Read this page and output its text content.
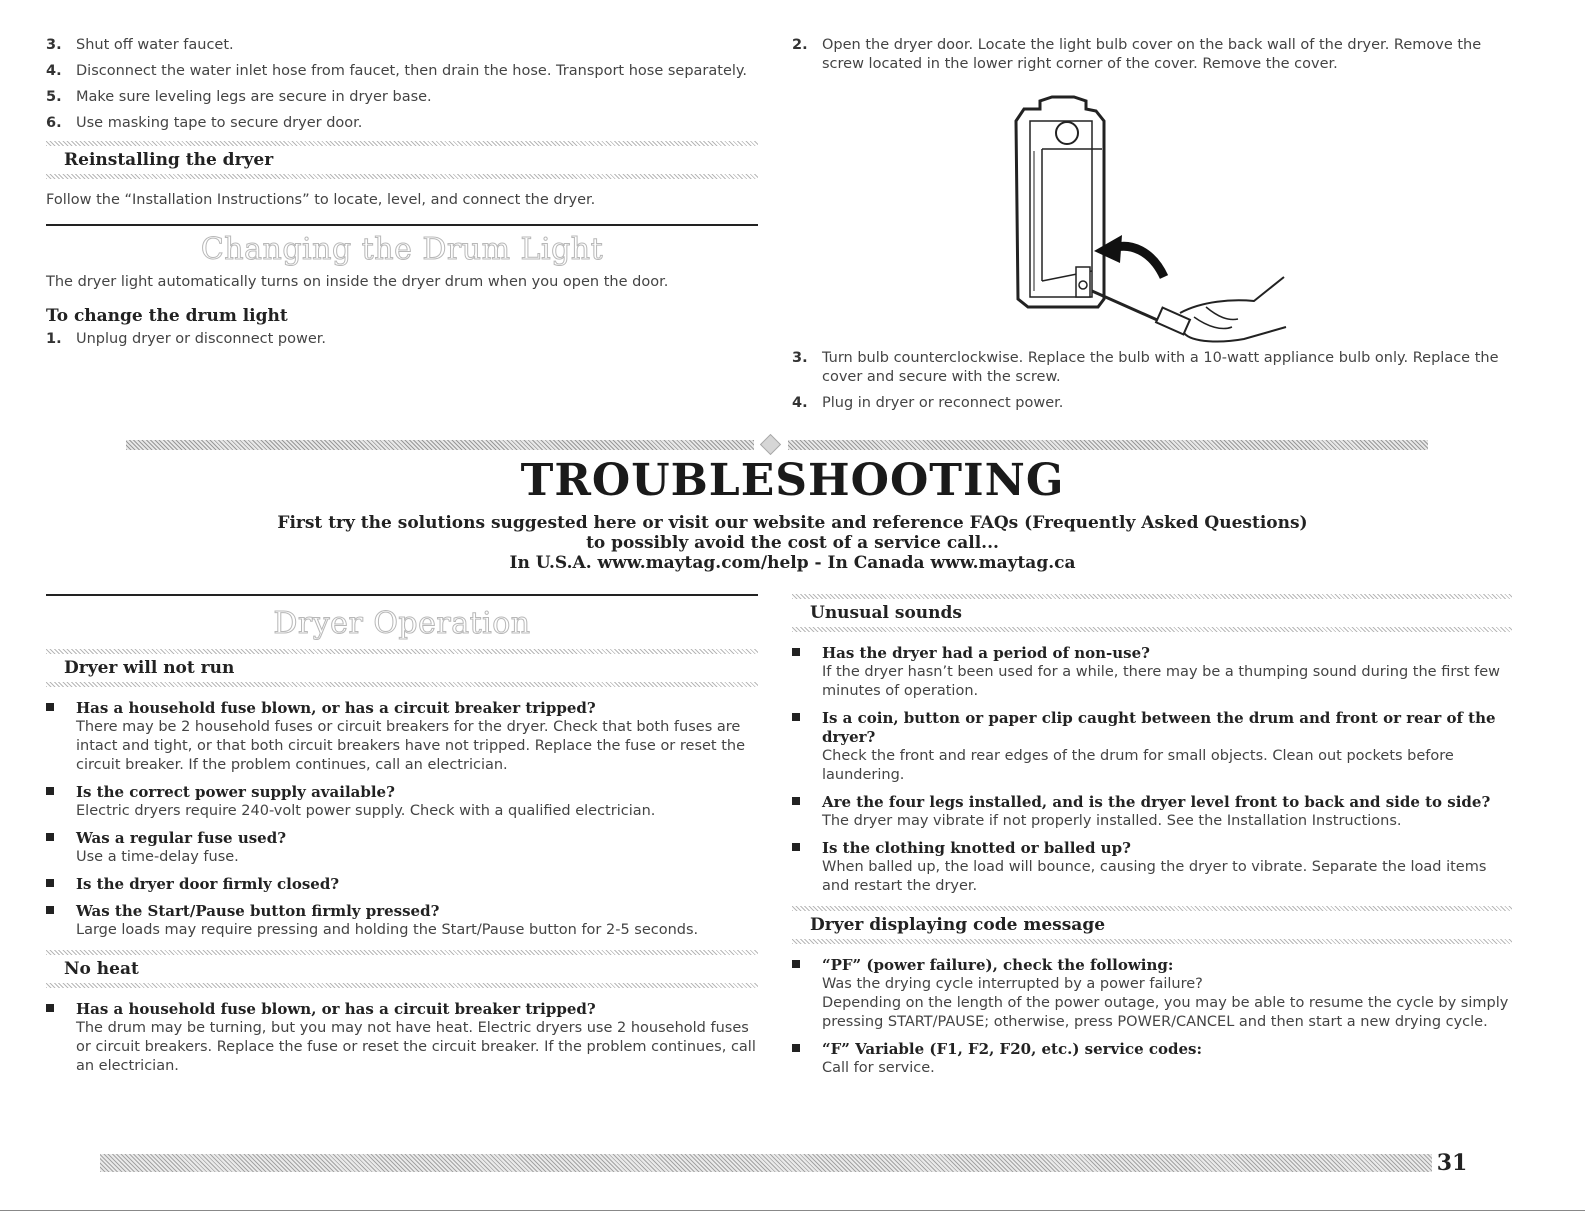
3. Shut off water faucet.
4. Disconnect the water inlet hose from faucet, then drain the hose. Transport hose separately.
5. Make sure leveling legs are secure in dryer base.
6. Use masking tape to secure dryer door.
Reinstalling the dryer
Follow the “Installation Instructions” to locate, level, and connect the dryer.
Changing the Drum Light
The dryer light automatically turns on inside the dryer drum when you open the door.
To change the drum light
1. Unplug dryer or disconnect power.
2. Open the dryer door. Locate the light bulb cover on the back wall of the dryer. Remove the screw located in the lower right corner of the cover. Remove the cover.
3. Turn bulb counterclockwise. Replace the bulb with a 10-watt appliance bulb only. Replace the cover and secure with the screw.
4. Plug in dryer or reconnect power.
TROUBLESHOOTING
First try the solutions suggested here or visit our website and reference FAQs (Frequently Asked Questions)
to possibly avoid the cost of a service call...
In U.S.A. www.maytag.com/help - In Canada www.maytag.ca
Dryer Operation
Dryer will not run
Has a household fuse blown, or has a circuit breaker tripped?
There may be 2 household fuses or circuit breakers for the dryer. Check that both fuses are intact and tight, or that both circuit breakers have not tripped. Replace the fuse or reset the circuit breaker. If the problem continues, call an electrician.
Is the correct power supply available?
Electric dryers require 240-volt power supply. Check with a qualified electrician.
Was a regular fuse used?
Use a time-delay fuse.
Is the dryer door firmly closed?
Was the Start/Pause button firmly pressed?
Large loads may require pressing and holding the Start/Pause button for 2-5 seconds.
No heat
Has a household fuse blown, or has a circuit breaker tripped?
The drum may be turning, but you may not have heat. Electric dryers use 2 household fuses or circuit breakers. Replace the fuse or reset the circuit breaker. If the problem continues, call an electrician.
Unusual sounds
Has the dryer had a period of non-use?
If the dryer hasn’t been used for a while, there may be a thumping sound during the first few minutes of operation.
Is a coin, button or paper clip caught between the drum and front or rear of the dryer?
Check the front and rear edges of the drum for small objects. Clean out pockets before laundering.
Are the four legs installed, and is the dryer level front to back and side to side?
The dryer may vibrate if not properly installed. See the Installation Instructions.
Is the clothing knotted or balled up?
When balled up, the load will bounce, causing the dryer to vibrate. Separate the load items and restart the dryer.
Dryer displaying code message
“PF” (power failure), check the following:
Was the drying cycle interrupted by a power failure?
Depending on the length of the power outage, you may be able to resume the cycle by simply pressing START/PAUSE; otherwise, press POWER/CANCEL and then start a new drying cycle.
“F” Variable (F1, F2, F20, etc.) service codes:
Call for service.
31
